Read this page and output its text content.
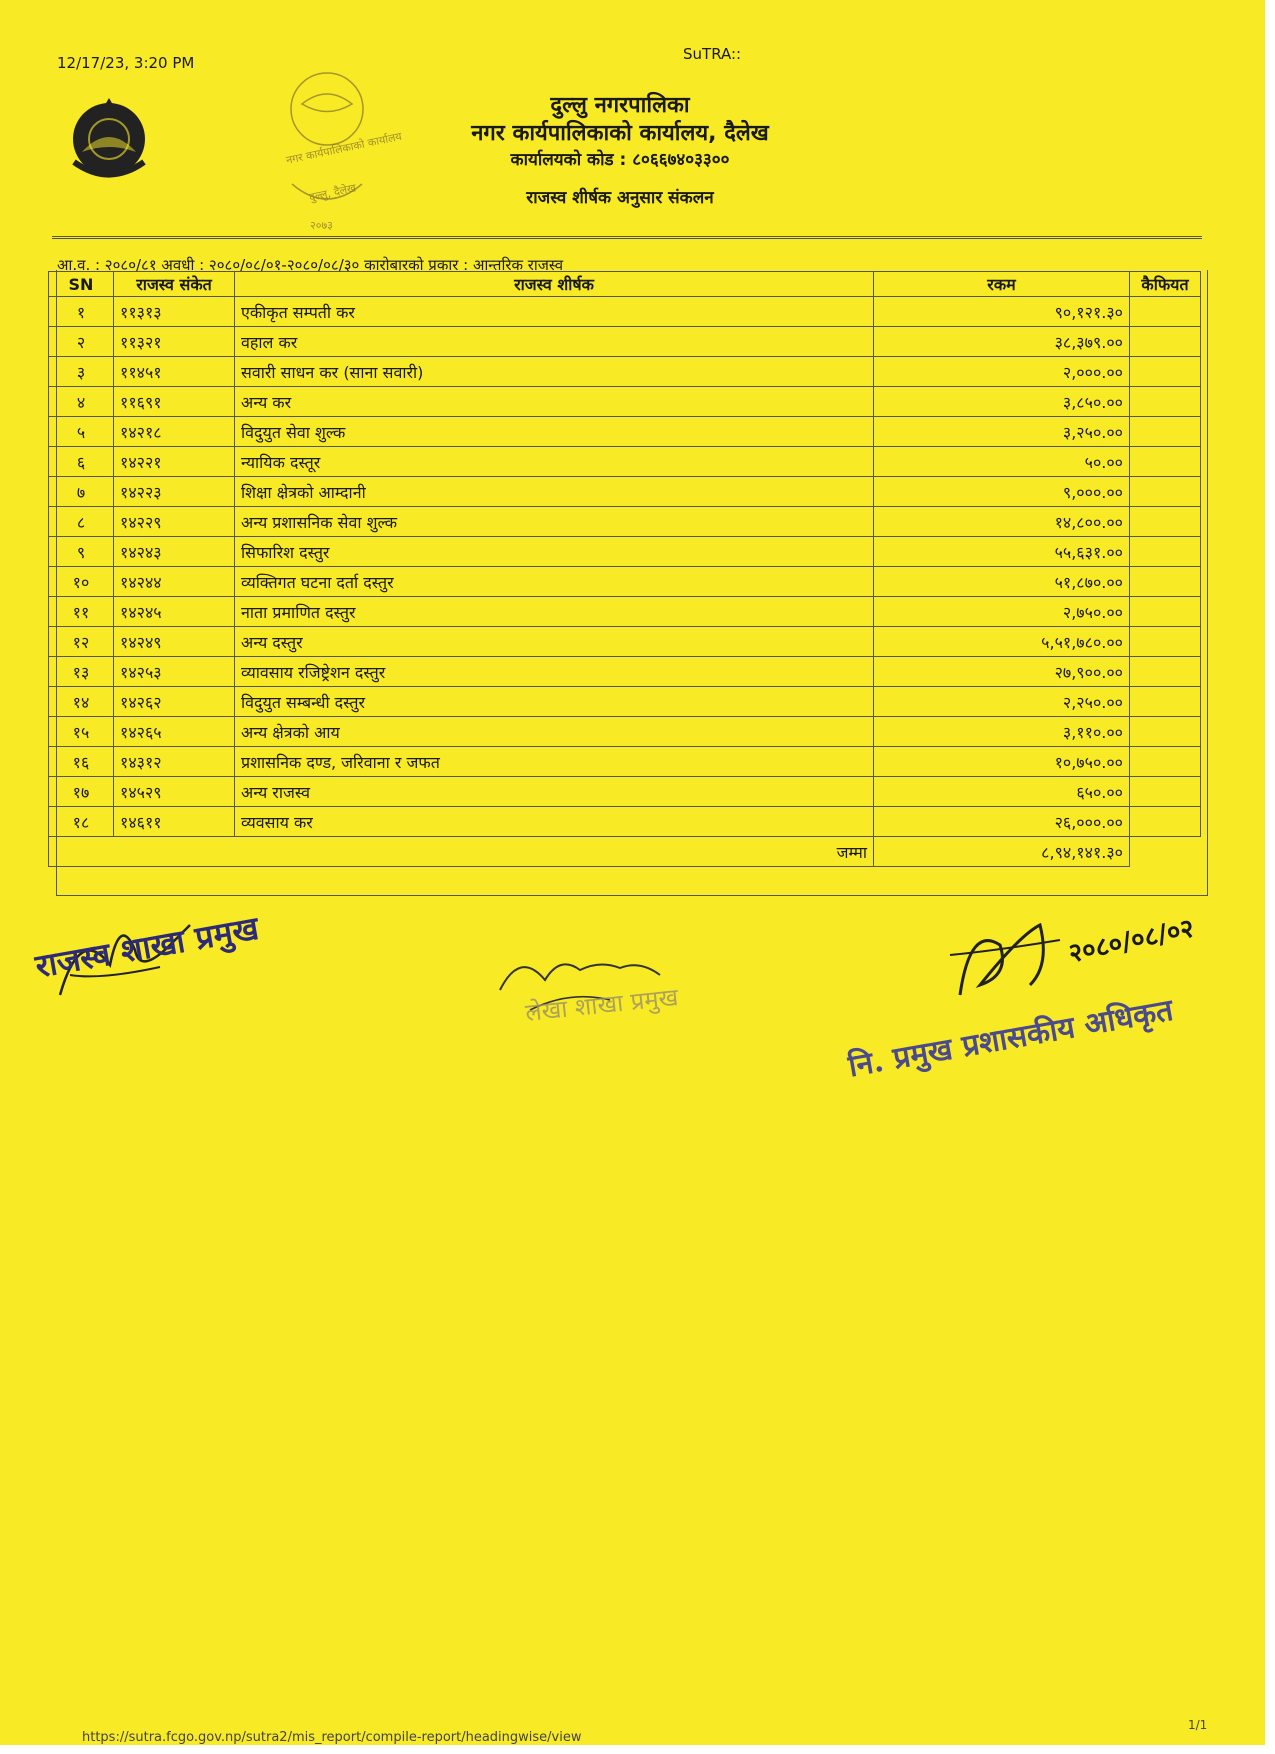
12/17/23, 3:20 PM	SuTRA::
नगर कार्यपालिकाको कार्यालय
दुल्लु, दैलेख
२०७३
दुल्लु नगरपालिका
नगर कार्यपालिकाको कार्यालय, दैलेख
कार्यालयको कोड : ८०६६७४०३३००
राजस्व शीर्षक अनुसार संकलन
आ.व. : २०८०/८१ अवधी : २०८०/०८/०१-२०८०/०८/३० कारोबारको प्रकार : आन्तरिक राजस्व
SN	राजस्व संकेत	राजस्व शीर्षक	रकम	कैफियत
१	११३१३	एकीकृत सम्पती कर	९०,१२१.३०	
२	११३२१	वहाल कर	३८,३७९.००	
३	११४५१	सवारी साधन कर (साना सवारी)	२,०००.००	
४	११६९१	अन्य कर	३,८५०.००	
५	१४२१८	विदुयुत सेवा शुल्क	३,२५०.००	
६	१४२२१	न्यायिक दस्तूर	५०.००	
७	१४२२३	शिक्षा क्षेत्रको आम्दानी	९,०००.००	
८	१४२२९	अन्य प्रशासनिक सेवा शुल्क	१४,८००.००	
९	१४२४३	सिफारिश दस्तुर	५५,६३१.००	
१०	१४२४४	व्यक्तिगत घटना दर्ता दस्तुर	५१,८७०.००	
११	१४२४५	नाता प्रमाणित दस्तुर	२,७५०.००	
१२	१४२४९	अन्य दस्तुर	५,५१,७८०.००	
१३	१४२५३	व्यावसाय रजिष्ट्रेशन दस्तुर	२७,९००.००	
१४	१४२६२	विदुयुत सम्बन्धी दस्तुर	२,२५०.००	
१५	१४२६५	अन्य क्षेत्रको आय	३,११०.००	
१६	१४३१२	प्रशासनिक दण्ड, जरिवाना र जफत	१०,७५०.००	
१७	१४५२९	अन्य राजस्व	६५०.००	
१८	१४६११	व्यवसाय कर	२६,०००.००	
जम्मा			८,९४,१४१.३०	
राजस्व शाखा प्रमुख
लेखा शाखा प्रमुख
२०८०/०८/०२
नि. प्रमुख प्रशासकीय अधिकृत
https://sutra.fcgo.gov.np/sutra2/mis_report/compile-report/headingwise/view
1/1
